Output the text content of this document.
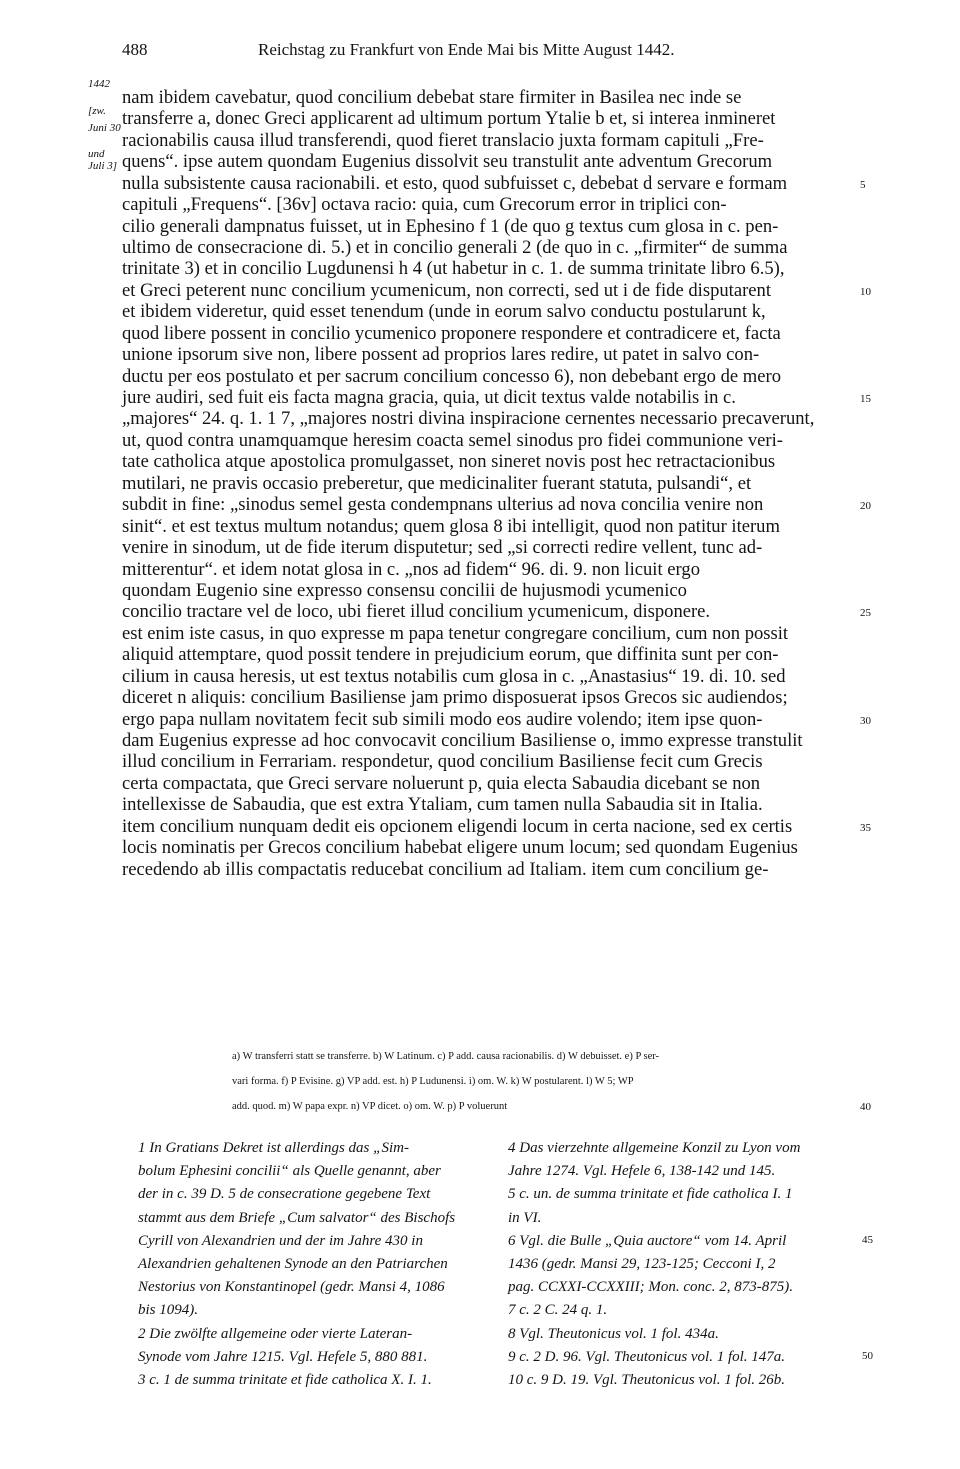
488	Reichstag zu Frankfurt von Ende Mai bis Mitte August 1442.
1442
[zw.
Juni 30
und
Juli 3]
nam ibidem cavebatur, quod concilium debebat stare firmiter in Basilea nec inde se
transferre a, donec Greci applicarent ad ultimum portum Ytalie b et, si interea inmineret
racionabilis causa illud transferendi, quod fieret translacio juxta formam capituli „Fre-
quens“. ipse autem quondam Eugenius dissolvit seu transtulit ante adventum Grecorum
nulla subsistente causa racionabili. et esto, quod subfuisset c, debebat d servare e formam
capituli „Frequens“. [36v] octava racio: quia, cum Grecorum error in triplici con-
cilio generali dampnatus fuisset, ut in Ephesino f 1 (de quo g textus cum glosa in c. pen-
ultimo de consecracione di. 5.) et in concilio generali 2 (de quo in c. „firmiter“ de summa
trinitate 3) et in concilio Lugdunensi h 4 (ut habetur in c. 1. de summa trinitate libro 6.5),
et Greci peterent nunc concilium ycumenicum, non correcti, sed ut i de fide disputarent
et ibidem videretur, quid esset tenendum (unde in eorum salvo conductu postularunt k,
quod libere possent in concilio ycumenico proponere respondere et contradicere et, facta
unione ipsorum sive non, libere possent ad proprios lares redire, ut patet in salvo con-
ductu per eos postulato et per sacrum concilium concesso 6), non debebant ergo de mero
jure audiri, sed fuit eis facta magna gracia, quia, ut dicit textus valde notabilis in c.
„majores“ 24. q. 1. 1 7, „majores nostri divina inspiracione cernentes necessario precaverunt,
ut, quod contra unamquamque heresim coacta semel sinodus pro fidei communione veri-
tate catholica atque apostolica promulgasset, non sineret novis post hec retractacionibus
mutilari, ne pravis occasio preberetur, que medicinaliter fuerant statuta, pulsandi“, et
subdit in fine: „sinodus semel gesta condempnans ulterius ad nova concilia venire non
sinit“. et est textus multum notandus; quem glosa 8 ibi intelligit, quod non patitur iterum
venire in sinodum, ut de fide iterum disputetur; sed „si correcti redire vellent, tunc ad-
mitterentur“. et idem notat glosa in c. „nos ad fidem“ 96. di. 9. non licuit ergo
quondam Eugenio sine expresso consensu concilii de hujusmodi ycumenico
concilio tractare vel de loco, ubi fieret illud concilium ycumenicum, disponere.
est enim iste casus, in quo expresse m papa tenetur congregare concilium, cum non possit
aliquid attemptare, quod possit tendere in prejudicium eorum, que diffinita sunt per con-
cilium in causa heresis, ut est textus notabilis cum glosa in c. „Anastasius“ 19. di. 10. sed
diceret n aliquis: concilium Basiliense jam primo disposuerat ipsos Grecos sic audiendos;
ergo papa nullam novitatem fecit sub simili modo eos audire volendo; item ipse quon-
dam Eugenius expresse ad hoc convocavit concilium Basiliense o, immo expresse transtulit
illud concilium in Ferrariam. respondetur, quod concilium Basiliense fecit cum Grecis
certa compactata, que Greci servare noluerunt p, quia electa Sabaudia dicebant se non
intellexisse de Sabaudia, que est extra Ytaliam, cum tamen nulla Sabaudia sit in Italia.
item concilium nunquam dedit eis opcionem eligendi locum in certa nacione, sed ex certis
locis nominatis per Grecos concilium habebat eligere unum locum; sed quondam Eugenius
recedendo ab illis compactatis reducebat concilium ad Italiam. item cum concilium ge-
5
10
15
20
25
30
35
a) W transferri statt se transferre. b) W Latinum. c) P add. causa racionabilis. d) W debuisset. e) P ser-
vari forma. f) P Evisine. g) VP add. est. h) P Ludunensi. i) om. W. k) W postularent. l) W 5; WP
add. quod. m) W papa expr. n) VP dicet. o) om. W. p) P voluerunt	40
1 In Gratians Dekret ist allerdings das „Sim-
bolum Ephesini concilii“ als Quelle genannt, aber
der in c. 39 D. 5 de consecratione gegebene Text
stammt aus dem Briefe „Cum salvator“ des Bischofs
Cyrill von Alexandrien und der im Jahre 430 in
Alexandrien gehaltenen Synode an den Patriarchen
Nestorius von Konstantinopel (gedr. Mansi 4, 1086
bis 1094).
2 Die zwölfte allgemeine oder vierte Lateran-
Synode vom Jahre 1215. Vgl. Hefele 5, 880 881.
3 c. 1 de summa trinitate et fide catholica X. I. 1.
4 Das vierzehnte allgemeine Konzil zu Lyon vom
Jahre 1274. Vgl. Hefele 6, 138-142 und 145.
5 c. un. de summa trinitate et fide catholica I. 1
in VI.
6 Vgl. die Bulle „Quia auctore“ vom 14. April
1436 (gedr. Mansi 29, 123-125; Cecconi I, 2
pag. CCXXI-CCXXIII; Mon. conc. 2, 873-875).
7 c. 2 C. 24 q. 1.
8 Vgl. Theutonicus vol. 1 fol. 434a.
9 c. 2 D. 96. Vgl. Theutonicus vol. 1 fol. 147a.
10 c. 9 D. 19. Vgl. Theutonicus vol. 1 fol. 26b.
45
50
